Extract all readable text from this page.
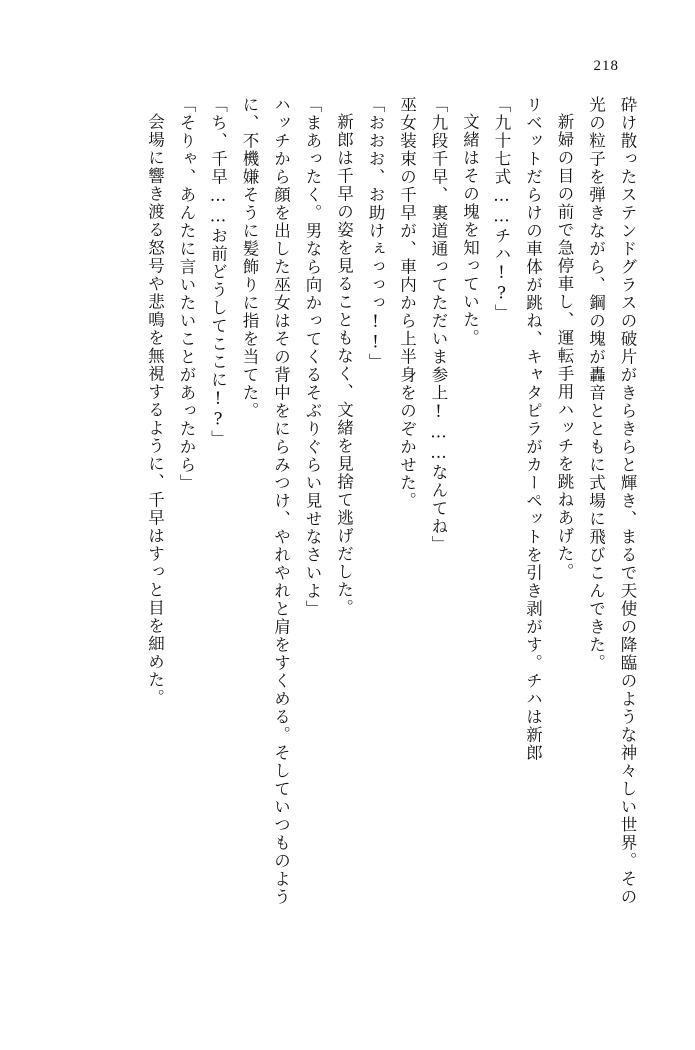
218

砕け散ったステンドグラスの破片がきらきらと輝き、まるで天使の降臨のような神々しい世界。その光の粒子を弾きながら、鋼の塊が轟音とともに式場に飛びこんできた。

新婦の目の前で急停車し、運転手用ハッチを跳ねあげた。

リベットだらけの車体が跳ね、キャタピラがカーペットを引き剥がす。チハは新郎

「九十七式……チハ!?」

文緒はその塊を知っていた。

「九段千早、裏道通ってただいま参上!……なんてね」

巫女装束の千早が、車内から上半身をのぞかせた。

「おおお、お助けぇっっっ!!」

新郎は千早の姿を見ることもなく、文緒を見捨て逃げだした。

「まあったく。男なら向かってくるそぶりぐらい見せなさいよ」

ハッチから顔を出した巫女はその背中をにらみつけ、やれやれと肩をすくめる。そしていつものように、不機嫌そうに髪飾りに指を当てた。

「ち、千早……お前どうしてここに!?」

「そりゃ、あんたに言いたいことがあったから」

会場に響き渡る怒号や悲鳴を無視するように、千早はすっと目を細めた。
